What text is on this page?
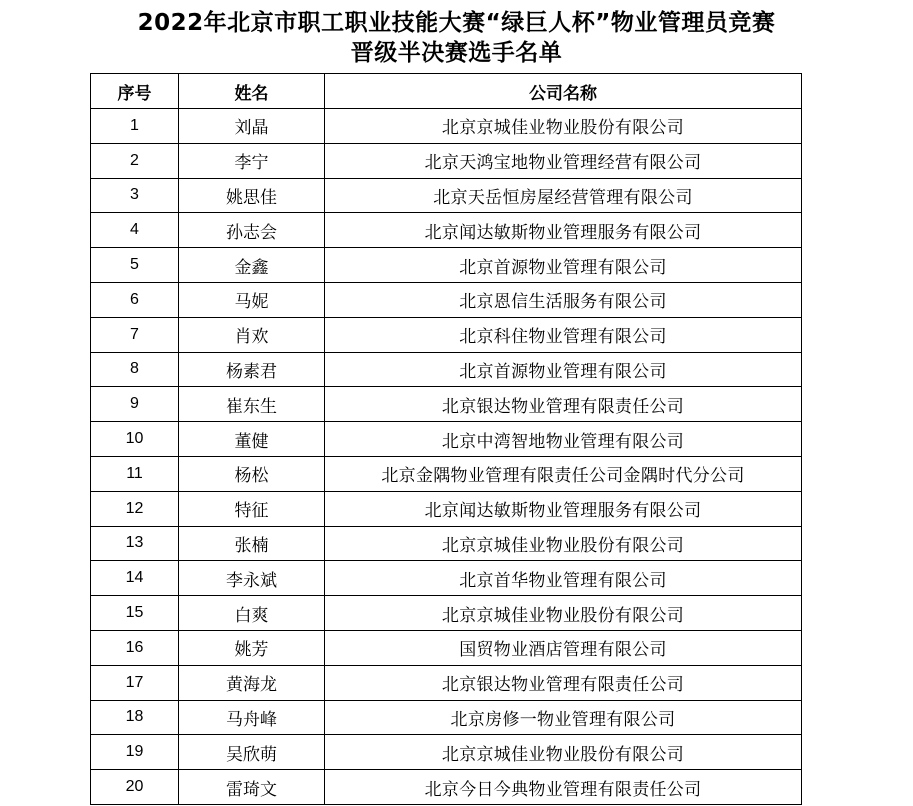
2022年北京市职工职业技能大赛“绿巨人杯”物业管理员竞赛
晋级半决赛选手名单
序号	姓名	公司名称
1	刘晶	北京京城佳业物业股份有限公司
2	李宁	北京天鸿宝地物业管理经营有限公司
3	姚思佳	北京天岳恒房屋经营管理有限公司
4	孙志会	北京闻达敏斯物业管理服务有限公司
5	金鑫	北京首源物业管理有限公司
6	马妮	北京恩信生活服务有限公司
7	肖欢	北京科住物业管理有限公司
8	杨素君	北京首源物业管理有限公司
9	崔东生	北京银达物业管理有限责任公司
10	董健	北京中湾智地物业管理有限公司
11	杨松	北京金隅物业管理有限责任公司金隅时代分公司
12	特征	北京闻达敏斯物业管理服务有限公司
13	张楠	北京京城佳业物业股份有限公司
14	李永斌	北京首华物业管理有限公司
15	白爽	北京京城佳业物业股份有限公司
16	姚芳	国贸物业酒店管理有限公司
17	黄海龙	北京银达物业管理有限责任公司
18	马舟峰	北京房修一物业管理有限公司
19	吴欣萌	北京京城佳业物业股份有限公司
20	雷琦文	北京今日今典物业管理有限责任公司
